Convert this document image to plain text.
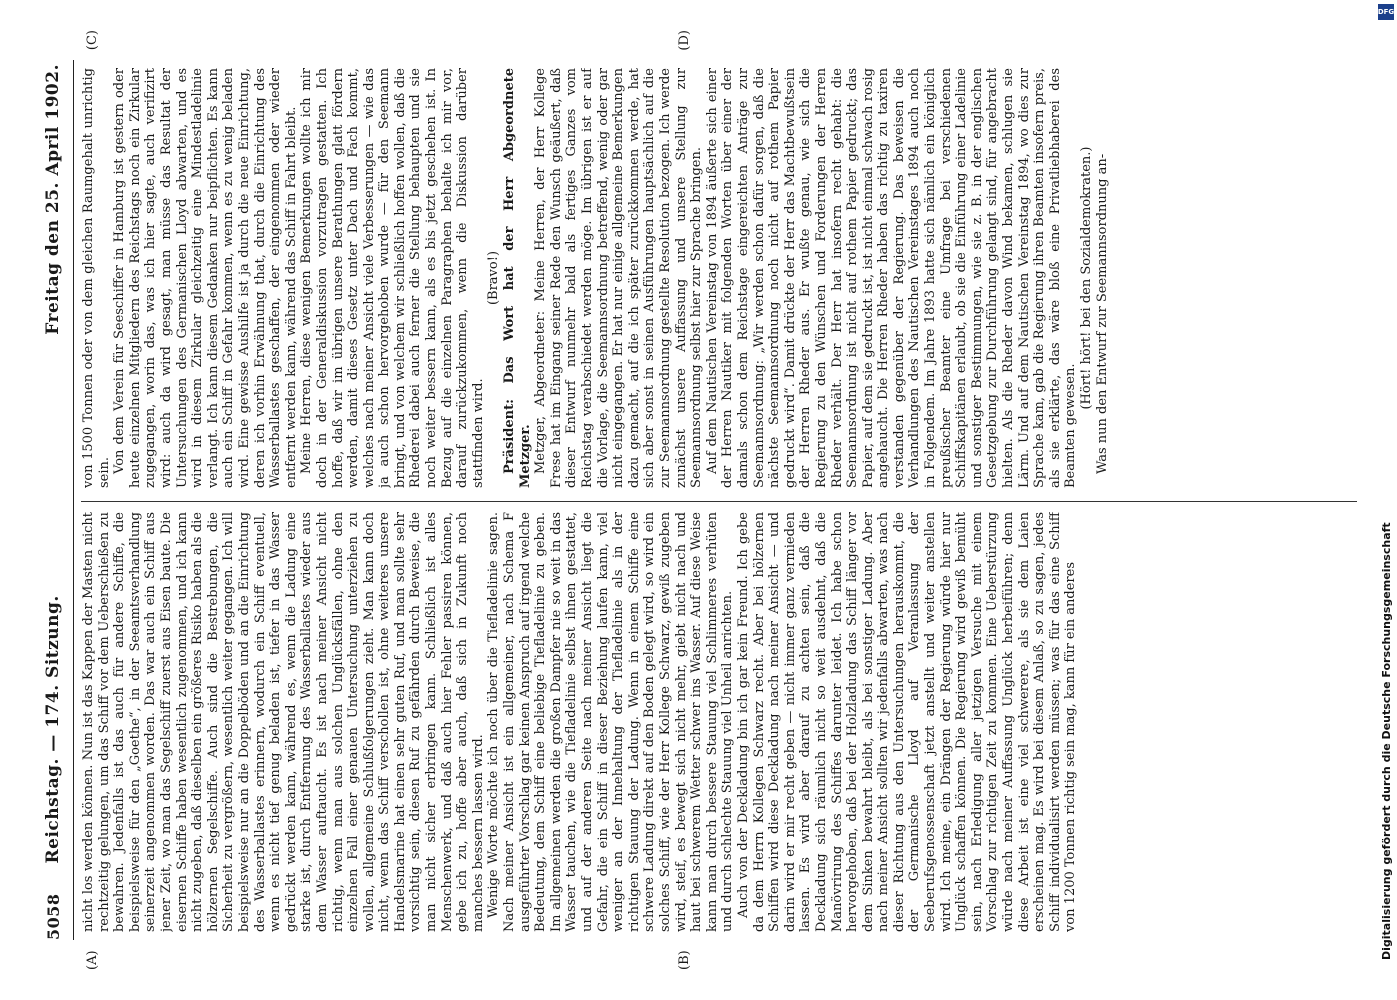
5058
Reichstag. — 174. Sitzung.
Freitag den 25. April 1902.
(A)	(B)
(C)	(D)

nicht los werden können. Nun ist das Kappen der Masten nicht rechtzeitig gelungen, um das Schiff vor dem Ueberschießen zu bewahren. Jedenfalls ist das auch für andere Schiffe, die beispielsweise für den „Goethe“, in der Seeamtsverhandlung seinerzeit angenommen worden. Das war auch ein Schiff aus jener Zeit, wo man das Segelschiff zuerst aus Eisen baute. Die eisernen Schiffe haben wesentlich zugenommen, und ich kann nicht zugeben, daß dieselben ein größeres Risiko haben als die hölzernen Segelschiffe. Auch sind die Bestrebungen, die Sicherheit zu vergrößern, wesentlich weiter gegangen. Ich will beispielsweise nur an die Doppelböden und an die Einrichtung des Wasserballastes erinnern, wodurch ein Schiff eventuell, wenn es nicht tief genug beladen ist, tiefer in das Wasser gedrückt werden kann, während es, wenn die Ladung eine starke ist, durch Entfernung des Wasserballastes wieder aus dem Wasser auftaucht. Es ist nach meiner Ansicht nicht richtig, wenn man aus solchen Unglücksfällen, ohne den einzelnen Fall einer genauen Untersuchung unterziehen zu wollen, allgemeine Schlußfolgerungen zieht. Man kann doch nicht, wenn das Schiff verschollen ist, ohne weiteres unsere Handelsmarine hat einen sehr guten Ruf, und man sollte sehr vorsichtig sein, diesen Ruf zu gefährden durch Beweise, die man nicht sicher erbringen kann. Schließlich ist alles Menschenwerk, und daß auch hier Fehler passiren können, gebe ich zu, hoffe aber auch, daß sich in Zukunft noch manches bessern lassen wird. Wenige Worte möchte ich noch über die Tiefladelinie sagen. Nach meiner Ansicht ist ein allgemeiner, nach Schema F ausgeführter Vorschlag gar keinen Anspruch auf irgend welche Bedeutung, dem Schiff eine beliebige Tiefladelinie zu geben. Im allgemeinen werden die großen Dampfer nie so weit in das Wasser tauchen, wie die Tiefladelinie selbst ihnen gestattet, und auf der anderen Seite nach meiner Ansicht liegt die Gefahr, die ein Schiff in dieser Beziehung laufen kann, viel weniger an der Innehaltung der Tiefladelinie als in der richtigen Stauung der Ladung. Wenn in einem Schiffe eine schwere Ladung direkt auf den Boden gelegt wird, so wird ein solches Schiff, wie der Herr Kollege Schwarz, gewiß zugeben wird, steif, es bewegt sich nicht mehr, giebt nicht nach und haut bei schwerem Wetter schwer ins Wasser. Auf diese Weise kann man durch bessere Stauung viel Schlimmeres verhüten und durch schlechte Stauung viel Unheil anrichten. Auch von der Deckladung bin ich gar kein Freund. Ich gebe da dem Herrn Kollegen Schwarz recht. Aber bei hölzernen Schiffen wird diese Deckladung nach meiner Ansicht — und darin wird er mir recht geben — nicht immer ganz vermieden lassen. Es wird aber darauf zu achten sein, daß die Deckladung sich räumlich nicht so weit ausdehnt, daß die Manövrirung des Schiffes darunter leidet. Ich habe schon hervorgehoben, daß bei der Holzladung das Schiff länger vor dem Sinken bewahrt bleibt, als bei sonstiger Ladung. Aber nach meiner Ansicht sollten wir jedenfalls abwarten, was nach dieser Richtung aus den Untersuchungen herauskommt, die der Germanische Lloyd auf Veranlassung der Seeberufsgenossenschaft jetzt anstellt und weiter anstellen wird. Ich meine, ein Drängen der Regierung würde hier nur Unglück schaffen können. Die Regierung wird gewiß bemüht sein, nach Erledigung aller jetzigen Versuche mit einem Vorschlag zur richtigen Zeit zu kommen. Eine Ueberstürzung würde nach meiner Auffassung Unglück herbeiführen; denn diese Arbeit ist eine viel schwerere, als sie dem Laien erscheinen mag. Es wird bei diesem Anlaß, so zu sagen, jedes Schiff individualisirt werden müssen; was für das eine Schiff von 1200 Tonnen richtig sein mag, kann für ein anderes

von 1500 Tonnen oder von dem gleichen Raumgehalt unrichtig sein. Von dem Verein für Seeschiffer in Hamburg ist gestern oder heute einzelnen Mitgliedern des Reichstags noch ein Zirkular zugegangen, worin das, was ich hier sagte, auch verifizirt wird: auch da wird gesagt, man müsse das Resultat der Untersuchungen des Germanischen Lloyd abwarten, und es wird in diesem Zirkular gleichzeitig eine Mindestladelinie verlangt. Ich kann diesem Gedanken nur beipflichten. Es kann auch ein Schiff in Gefahr kommen, wenn es zu wenig beladen wird. Eine gewisse Aushilfe ist ja durch die neue Einrichtung, deren ich vorhin Erwähnung that, durch die Einrichtung des Wasserballastes geschaffen, der eingenommen oder wieder entfernt werden kann, während das Schiff in Fahrt bleibt. Meine Herren, diese wenigen Bemerkungen wollte ich mir doch in der Generaldiskussion vorzutragen gestatten. Ich hoffe, daß wir im übrigen unsere Berathungen glatt fördern werden, damit dieses Gesetz unter Dach und Fach kommt, welches nach meiner Ansicht viele Verbesserungen — wie das ja auch schon hervorgehoben wurde — für den Seemann bringt, und von welchem wir schließlich hoffen wollen, daß die Rhederei dabei auch ferner die Stellung behaupten und sie noch weiter bessern kann, als es bis jetzt geschehen ist. In Bezug auf die einzelnen Paragraphen behalte ich mir vor, darauf zurückzukommen, wenn die Diskussion darüber stattfinden wird.

(Bravo!) Präsident: Das Wort hat der Herr Abgeordnete Metzger. Metzger, Abgeordneter: Meine Herren, der Herr Kollege Frese hat im Eingang seiner Rede den Wunsch geäußert, daß dieser Entwurf nunmehr bald als fertiges Ganzes vom Reichstag verabschiedet werden möge. Im übrigen ist er auf die Vorlage, die Seemannsordnung betreffend, wenig oder gar nicht eingegangen. Er hat nur einige allgemeine Bemerkungen dazu gemacht, auf die ich später zurückkommen werde, hat sich aber sonst in seinen Ausführungen hauptsächlich auf die zur Seemannsordnung gestellte Resolution bezogen. Ich werde zunächst unsere Auffassung und unsere Stellung zur Seemannsordnung selbst hier zur Sprache bringen. Auf dem Nautischen Vereinstag von 1894 äußerte sich einer der Herren Nautiker mit folgenden Worten über einer der damals schon dem Reichstage eingereichten Anträge zur Seemannsordnung: „Wir werden schon dafür sorgen, daß die nächste Seemannsordnung noch nicht auf rothem Papier gedruckt wird“. Damit drückte der Herr das Machtbewußtsein der Herren Rheder aus. Er wußte genau, wie sich die Regierung zu den Wünschen und Forderungen der Herren Rheder verhält. Der Herr hat insofern recht gehabt: die Seemannsordnung ist nicht auf rothem Papier gedruckt; das Papier, auf dem sie gedruckt ist, ist nicht einmal schwach rosig angehaucht. Die Herren Rheder haben das richtig zu taxiren verstanden gegenüber der Regierung. Das beweisen die Verhandlungen des Nautischen Vereinstages 1894 auch noch in Folgendem. Im Jahre 1893 hatte sich nämlich ein königlich preußischer Beamter eine Umfrage bei verschiedenen Schiffskapitänen erlaubt, ob sie die Einführung einer Ladelinie und sonstiger Bestimmungen, wie sie z. B. in der englischen Gesetzgebung zur Durchführung gelangt sind, für angebracht hielten. Als die Rheder davon Wind bekamen, schlugen sie Lärm. Und auf dem Nautischen Vereinstag 1894, wo dies zur Sprache kam, gab die Regierung ihren Beamten insofern preis, als sie erklärte, das wäre bloß eine Privatliebhaberei des Beamten gewesen.

(Hört! hört! bei den Sozialdemokraten.) Was nun den Entwurf zur Seemannsordnung an-

DFG
Digitalisierung gefördert durch die Deutsche Forschungsgemeinschaft
